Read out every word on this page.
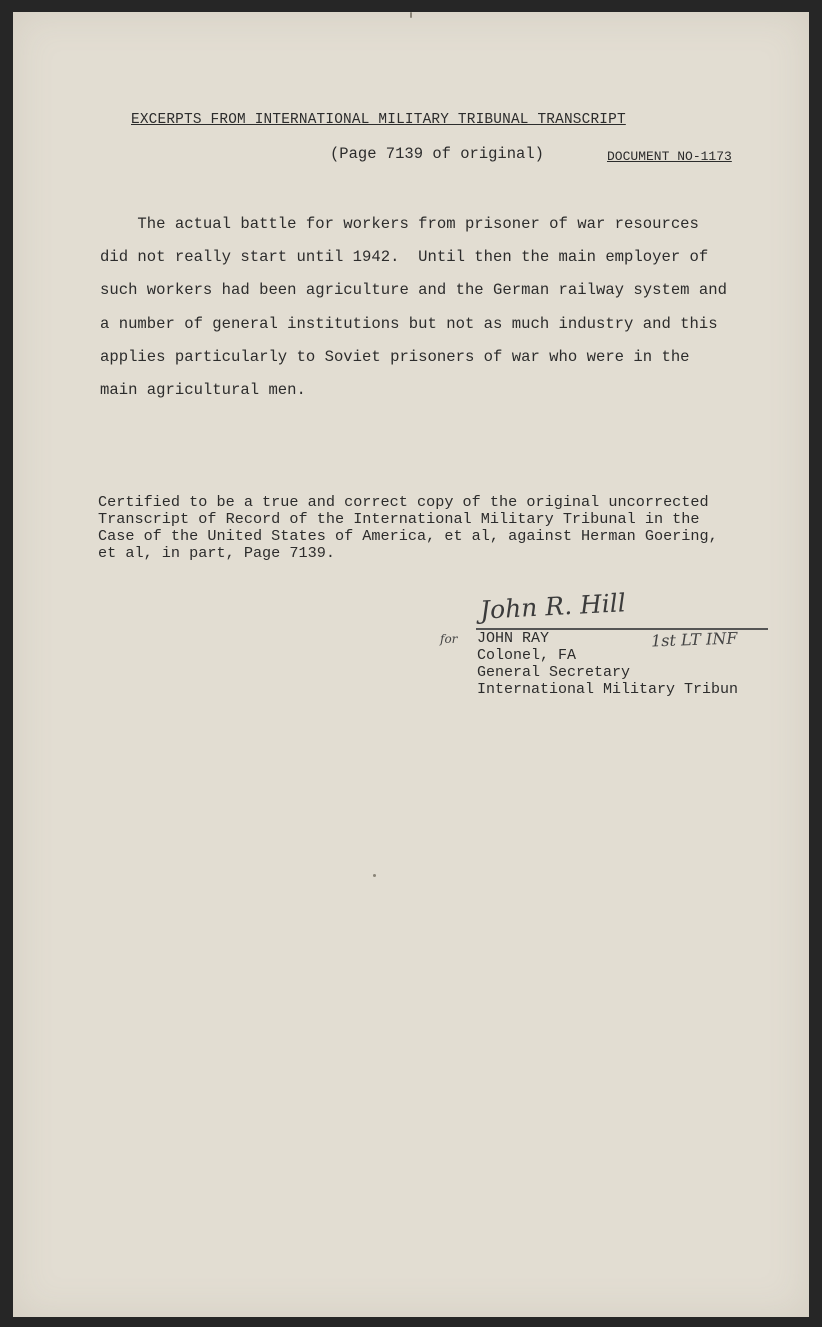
EXCERPTS FROM INTERNATIONAL MILITARY TRIBUNAL TRANSCRIPT
(Page 7139 of original)	DOCUMENT NO-1173
The actual battle for workers from prisoner of war resources
did not really start until 1942.  Until then the main employer of
such workers had been agriculture and the German railway system and
a number of general institutions but not as much industry and this
applies particularly to Soviet prisoners of war who were in the
main agricultural men.
Certified to be a true and correct copy of the original uncorrected
Transcript of Record of the International Military Tribunal in the
Case of the United States of America, et al, against Herman Goering,
et al, in part, Page 7139.
John R. Hill
for	1st LT INF
JOHN RAY
Colonel, FA
General Secretary
International Military Tribun
